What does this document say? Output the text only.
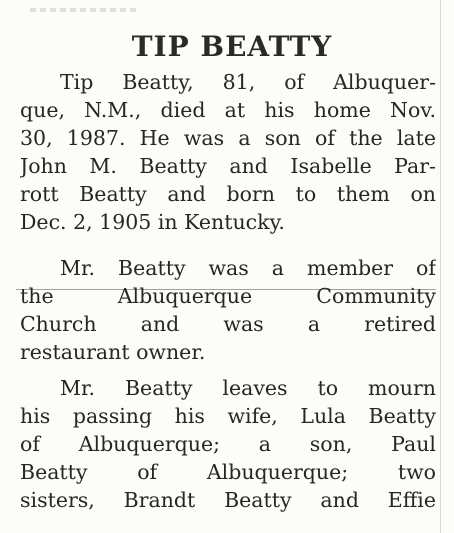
TIP BEATTY
Tip Beatty, 81, of Albuquer-
que, N.M., died at his home Nov.
30, 1987. He was a son of the late
John M. Beatty and Isabelle Par-
rott Beatty and born to them on
Dec. 2, 1905 in Kentucky.
Mr. Beatty was a member of
the Albuquerque Community
Church and was a retired
restaurant owner.
Mr. Beatty leaves to mourn
his passing his wife, Lula Beatty
of Albuquerque; a son, Paul
Beatty of Albuquerque; two
sisters, Brandt Beatty and Effie
